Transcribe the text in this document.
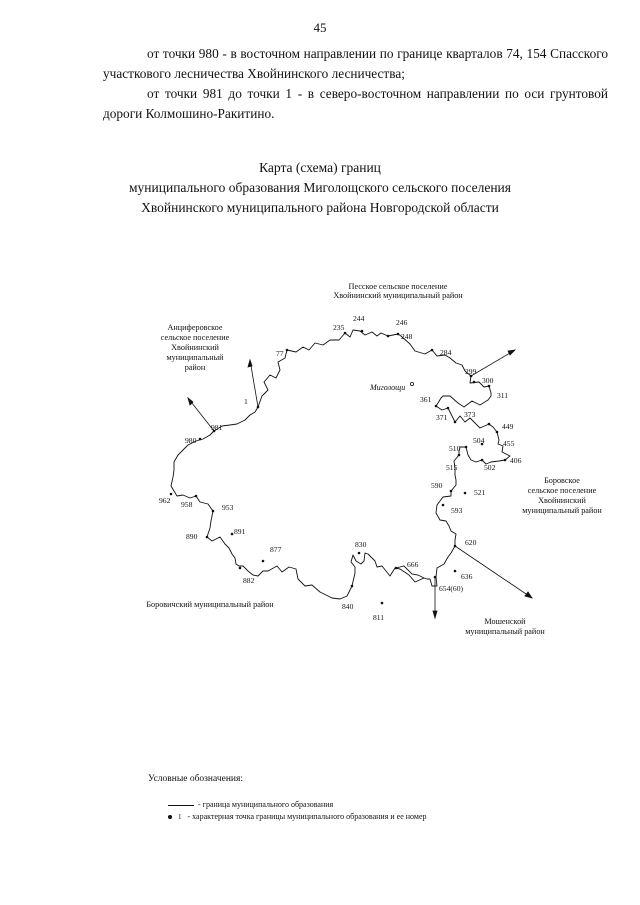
45
от точки 980 - в восточном направлении по границе кварталов 74, 154 Спасского участкового лесничества Хвойнинского лесничества;
от точки 981 до точки 1 - в северо-восточном направлении по оси грунтовой дороги Колмошино-Ракитино.
Карта (схема) границ
муниципального образования Миголощского сельского поселения
Хвойнинского муниципального района Новгородской области
Миголощи
Песское сельское поселение
Хвойнинский муниципальный район
Анциферовское
сельское поселение
Хвойнинский
муниципальный
район
Боровское
сельское поселение
Хвойнинский
муниципальный район
Боровичский муниципальный район
Мошенской
муниципальный район
1
77
235
244	246
248
284
299
300
311
361
371 373
449
455
504
510
502
406
515
590
521
593
620
636
654(60)
666
811
830
840
877
882
891
890
953
958
962
980
981
Условные обозначения:
- граница муниципального образования
1 - характерная точка границы муниципального образования и ее номер
